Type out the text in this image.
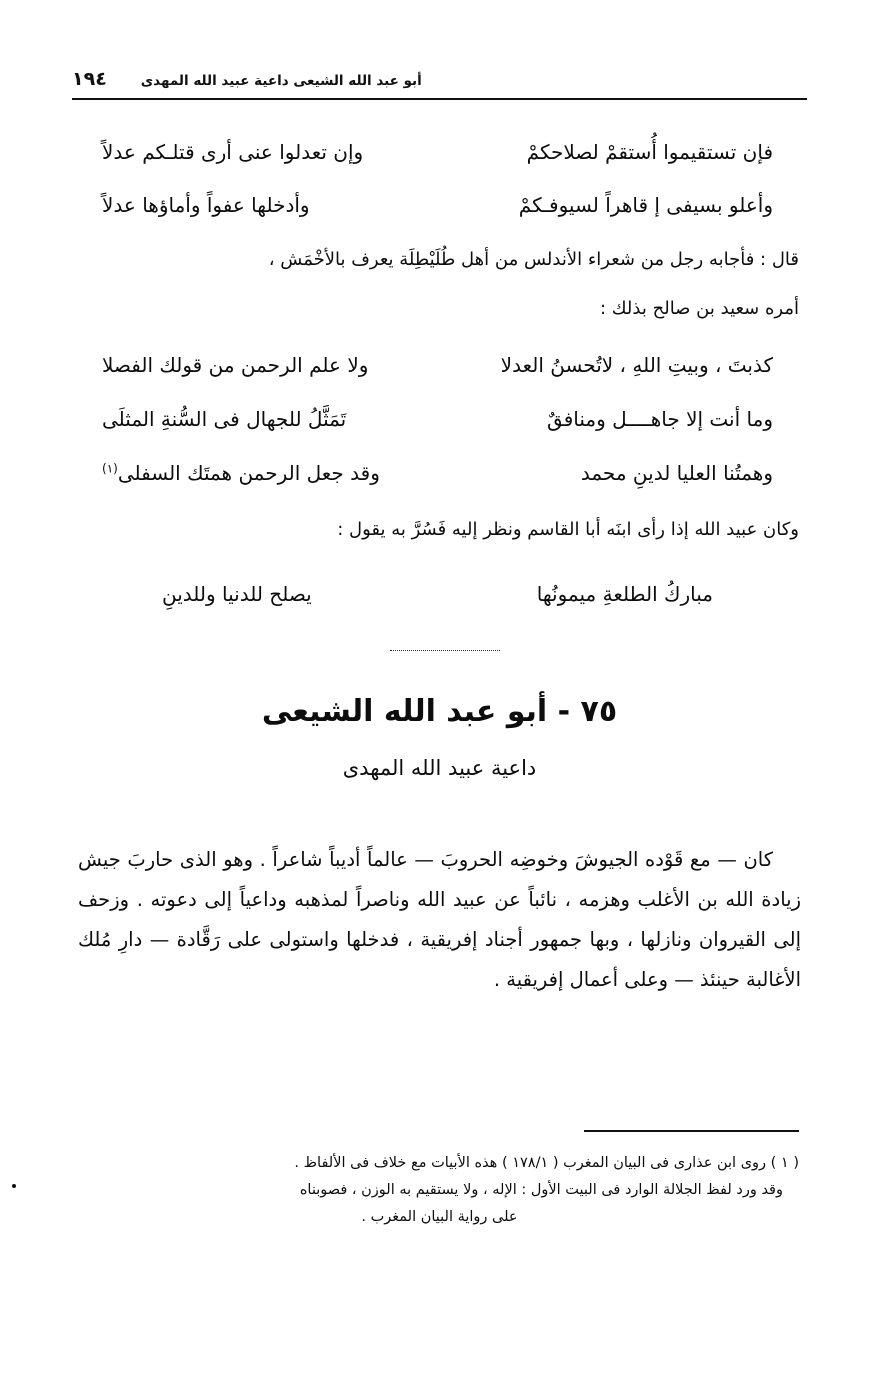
١٩٤	أبو عبد الله الشيعى داعية عبيد الله المهدى
فإن تستقيموا أُستقمْ لصلاحكمْ
وإن تعدلوا عنى أرى قتلـكم عدلاً
وأعلو بسيفى إ قاهراً لسيوفـكمْ
وأدخلها عفواً وأماؤها عدلاً
قال : فأجابه رجل من شعراء الأندلس من أهل طُلَيْطِلَة يعرف بالأخْمَش ،
أمره سعيد بن صالح بذلك :
كذبتَ ، وبيتِ اللهِ ، لاتُحسنُ العدلا
ولا علم الرحمن من قولك الفصلا
وما أنت إلا جاهــــل ومنافقٌ
تَمَثَّلُ للجهال فى السُّنةِ المثلَى
وهمتُنا العليا لدينِ محمد
وقد جعل الرحمن همتَك السفلى$^{(١)}$
وكان عبيد الله إذا رأى ابنَه أبا القاسم ونظر إليه فَسُرَّ به يقول :
مباركُ الطلعةِ ميمونُها
يصلح للدنيا وللدينِ
٧٥ - أبو عبد الله الشيعى
داعية عبيد الله المهدى
كان — مع قَوْده الجيوشَ وخوضِه الحروبَ — عالماً أديباً شاعراً . وهو الذى حاربَ جيش زيادة الله بن الأغلب وهزمه ، نائباً عن عبيد الله وناصراً لمذهبه وداعياً إلى دعوته . وزحف إلى القيروان ونازلها ، وبها جمهور أجناد إفريقية ، فدخلها واستولى على رَقَّادة — دارِ مُلك الأغالبة حينئذ — وعلى أعمال إفريقية .
( ١ ) روى ابن عذارى فى البيان المغرب ( ١٧٨/١ ) هذه الأبيات مع خلاف فى الألفاظ .
وقد ورد لفظ الجلالة الوارد فى البيت الأول : الإله ، ولا يستقيم به الوزن ، فصوبناه
على رواية البيان المغرب .
